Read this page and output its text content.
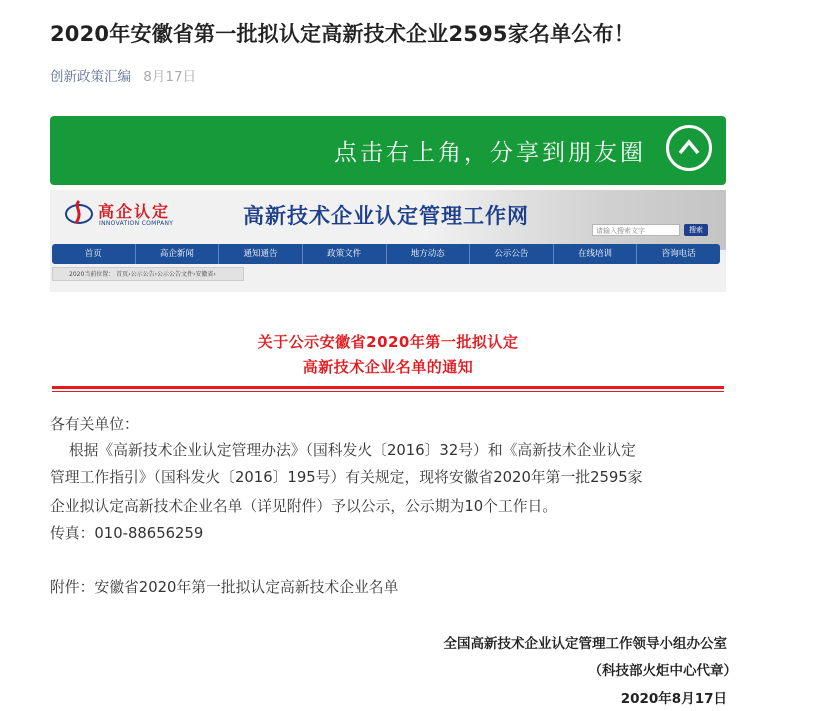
2020年安徽省第一批拟认定高新技术企业2595家名单公布！
创新政策汇编 8月17日
点击右上角，分享到朋友圈
高企认定
INNOVATION COMPANY	高新技术企业认定管理工作网
请输入搜索文字	搜索
首页	高企新闻	通知通告	政策文件	地方动态	公示公告	在线培训	咨询电话
2020当前位置： 首页›公示公告›公示公告文件›安徽省›
关于公示安徽省2020年第一批拟认定
高新技术企业名单的通知
各有关单位：
根据《高新技术企业认定管理办法》（国科发火〔2016〕32号）和《高新技术企业认定
管理工作指引》（国科发火〔2016〕195号）有关规定，现将安徽省2020年第一批2595家
企业拟认定高新技术企业名单（详见附件）予以公示，公示期为10个工作日。
传真：010-88656259
附件：安徽省2020年第一批拟认定高新技术企业名单
全国高新技术企业认定管理工作领导小组办公室
（科技部火炬中心代章）
2020年8月17日
